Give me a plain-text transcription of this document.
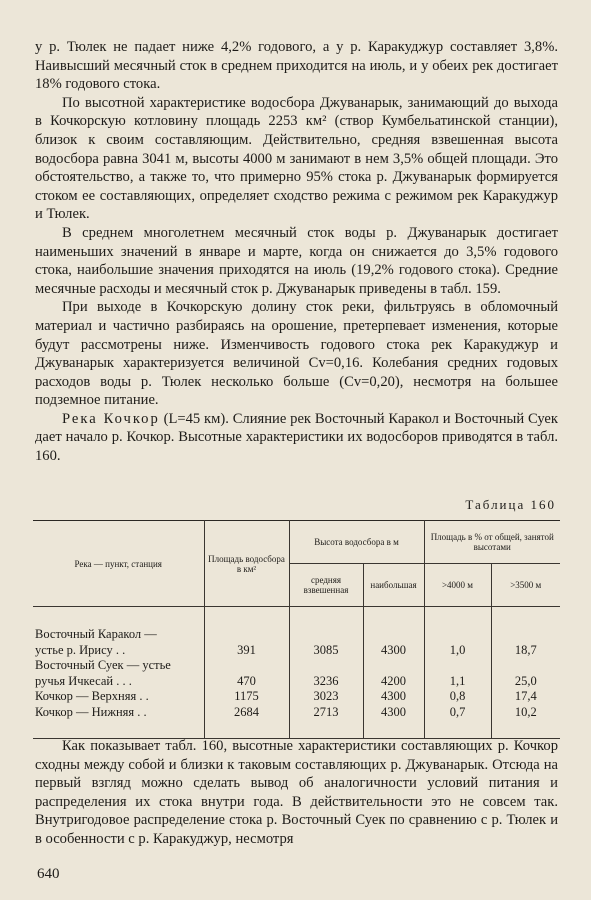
у р. Тюлек не падает ниже 4,2% годового, а у р. Каракуджур составляет 3,8%. Наивысший месячный сток в среднем приходится на июль, и у обеих рек достигает 18% годового стока.

По высотной характеристике водосбора Джуванарык, занимающий до выхода в Кочкорскую котловину площадь 2253 км² (створ Кумбельатинской станции), близок к своим составляющим. Действительно, средняя взвешенная высота водосбора равна 3041 м, высоты 4000 м занимают в нем 3,5% общей площади. Это обстоятельство, а также то, что примерно 95% стока р. Джуванарык формируется стоком ее составляющих, определяет сходство режима с режимом рек Каракуджур и Тюлек.

В среднем многолетнем месячный сток воды р. Джуванарык достигает наименьших значений в январе и марте, когда он снижается до 3,5% годового стока, наибольшие значения приходятся на июль (19,2% годового стока). Средние месячные расходы и месячный сток р. Джуванарык приведены в табл. 159.

При выходе в Кочкорскую долину сток реки, фильтруясь в обломочный материал и частично разбираясь на орошение, претерпевает изменения, которые будут рассмотрены ниже. Изменчивость годового стока рек Каракуджур и Джуванарык характеризуется величиной Cv=0,16. Колебания средних годовых расходов воды р. Тюлек несколько больше (Cv=0,20), несмотря на большее подземное питание.

Река Кочкор (L=45 км). Слияние рек Восточный Каракол и Восточный Суек дает начало р. Кочкор. Высотные характеристики их водосборов приводятся в табл. 160.

Таблица 160
Река — пункт, станция	Площадь водосбора в км²	Высота водосбора в м		Площадь в % от общей, занятой высотами	
		средняя взвешенная	наибольшая	>4000 м	>3500 м
Восточный Каракол —					
устье р. Ирису . .	391	3085	4300	1,0	18,7
Восточный Суек — устье					
ручья Ичкесай . . .	470	3236	4200	1,1	25,0
Кочкор — Верхняя . .	1175	3023	4300	0,8	17,4
Кочкор — Нижняя . .	2684	2713	4300	0,7	10,2

Как показывает табл. 160, высотные характеристики составляющих р. Кочкор сходны между собой и близки к таковым составляющих р. Джуванарык. Отсюда на первый взгляд можно сделать вывод об аналогичности условий питания и распределения их стока внутри года. В действительности это не совсем так. Внутригодовое распределение стока р. Восточный Суек по сравнению с р. Тюлек и в особенности с р. Каракуджур, несмотря

640
